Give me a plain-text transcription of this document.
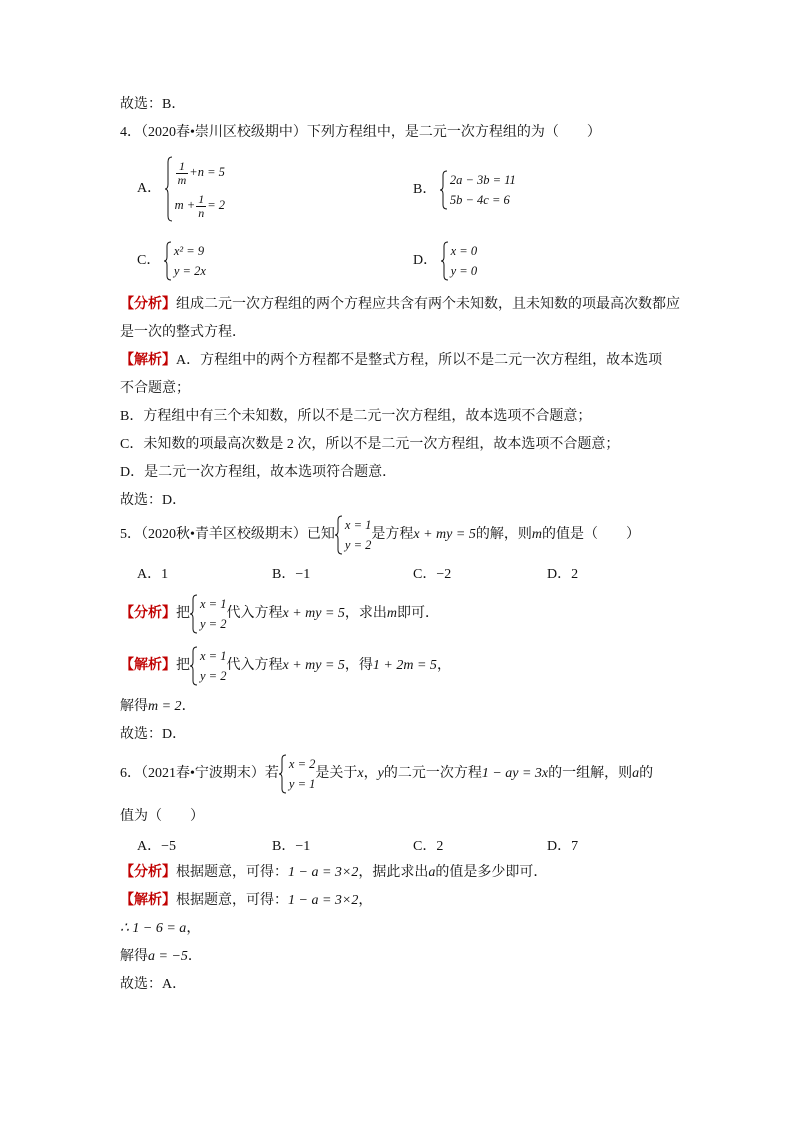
故选：B．
4．（2020春•崇川区校级期中）下列方程组中，是二元一次方程组的为（　　）
A．
$\frac{1}{m} +n = 5$
$m + \frac{1}{n} = 2$
B．
2a − 3b = 11
5b − 4c = 6
C．
x² = 9
y = 2x
D．
x = 0
y = 0
【分析】组成二元一次方程组的两个方程应共含有两个未知数，且未知数的项最高次数都应
是一次的整式方程．
【解析】A．方程组中的两个方程都不是整式方程，所以不是二元一次方程组，故本选项
不合题意；
B．方程组中有三个未知数，所以不是二元一次方程组，故本选项不合题意；
C．未知数的项最高次数是 2 次，所以不是二元一次方程组，故本选项不合题意；
D．是二元一次方程组，故本选项符合题意．
故选：D．
5．（2020秋•青羊区校级期末）已知
x = 1
y = 2
是方程x + my = 5的解，则m的值是（　　）
A．1	B．−1	C．−2	D．2
【分析】把
x = 1
y = 2
代入方程x + my = 5，求出m即可．
【解析】把
x = 1
y = 2
代入方程x + my = 5，得1 + 2m = 5，
解得m = 2．
故选：D．
6．（2021春•宁波期末）若
x = 2
y = 1
是关于x，y的二元一次方程1 − ay = 3x的一组解，则a的
值为（　　）
A．−5	B．−1	C．2	D．7
【分析】根据题意，可得：1 − a = 3×2，据此求出a的值是多少即可．
【解析】根据题意，可得：1 − a = 3×2，
∴ 1 − 6 = a，
解得a = −5．
故选：A．
